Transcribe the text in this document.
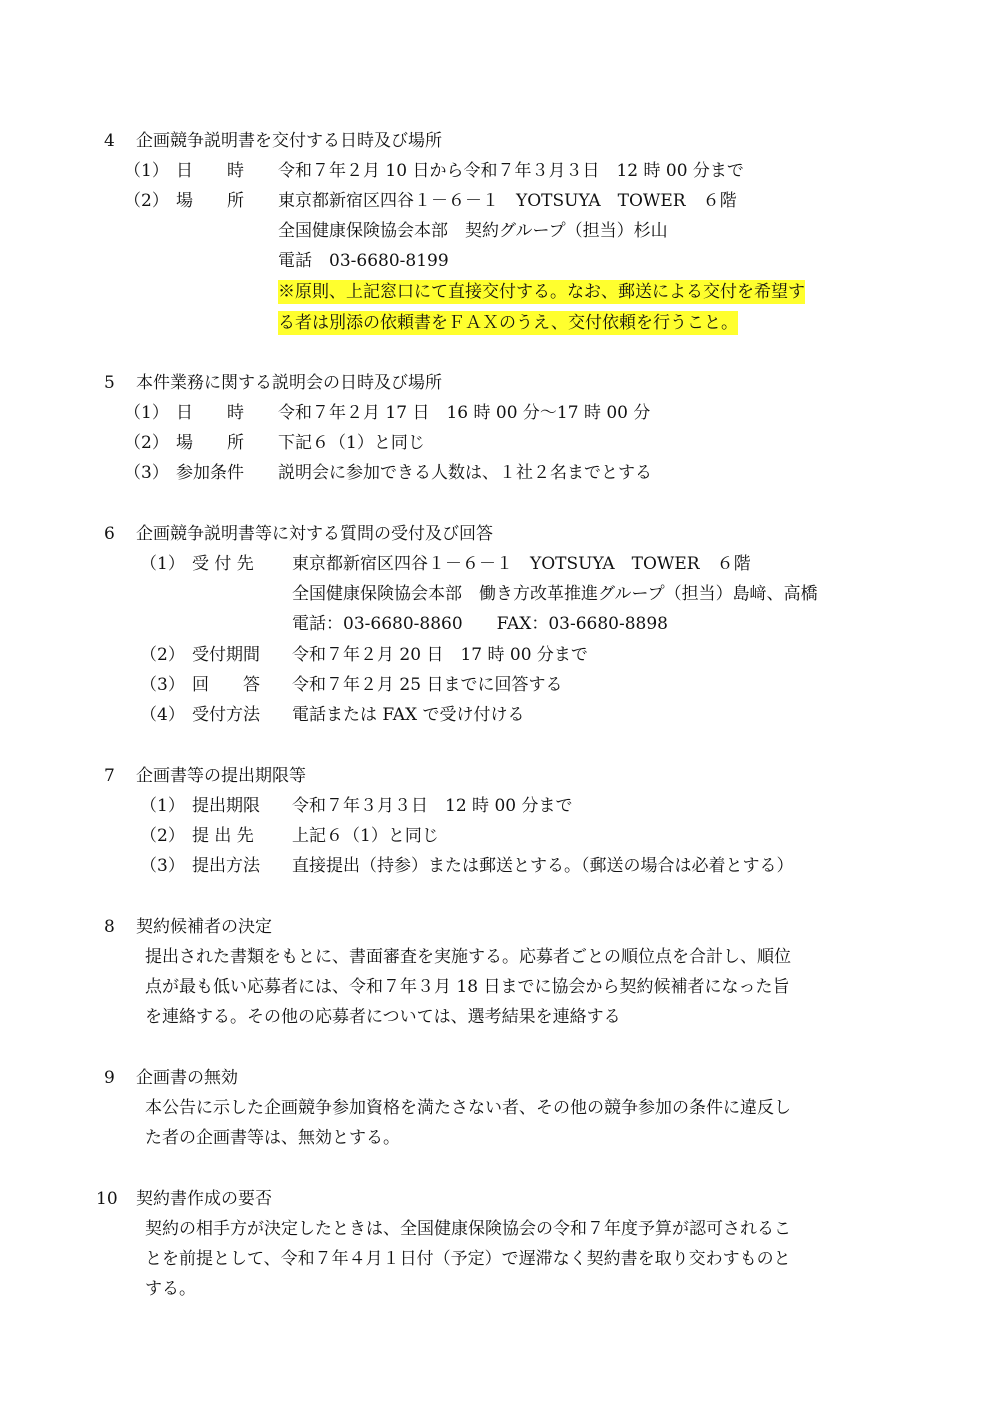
4 企画競争説明書を交付する日時及び場所
（1） 日　　時 令和７年２月 10 日から令和７年３月３日　12 時 00 分まで
（2） 場　　所 東京都新宿区四谷１－６－１　YOTSUYA　TOWER　６階
全国健康保険協会本部　契約グループ（担当）杉山
電話　03-6680-8199
※原則、上記窓口にて直接交付する。なお、郵送による交付を希望す
る者は別添の依頼書をＦＡＸのうえ、交付依頼を行うこと。
5 本件業務に関する説明会の日時及び場所
（1） 日　　時 令和７年２月 17 日　16 時 00 分～17 時 00 分
（2） 場　　所 下記６（1）と同じ
（3） 参加条件 説明会に参加できる人数は、１社２名までとする
6 企画競争説明書等に対する質問の受付及び回答
（1） 受 付 先 東京都新宿区四谷１－６－１　YOTSUYA　TOWER　６階
全国健康保険協会本部　働き方改革推進グループ（担当）島﨑、高橋
電話：03-6680-8860　　FAX：03-6680-8898
（2） 受付期間 令和７年２月 20 日　17 時 00 分まで
（3） 回　　答 令和７年２月 25 日までに回答する
（4） 受付方法 電話または FAX で受け付ける
7 企画書等の提出期限等
（1） 提出期限 令和７年３月３日　12 時 00 分まで
（2） 提 出 先 上記６（1）と同じ
（3） 提出方法 直接提出（持参）または郵送とする。（郵送の場合は必着とする）
8 契約候補者の決定
提出された書類をもとに、書面審査を実施する。応募者ごとの順位点を合計し、順位
点が最も低い応募者には、令和７年３月 18 日までに協会から契約候補者になった旨
を連絡する。その他の応募者については、選考結果を連絡する
9 企画書の無効
本公告に示した企画競争参加資格を満たさない者、その他の競争参加の条件に違反し
た者の企画書等は、無効とする。
10 契約書作成の要否
契約の相手方が決定したときは、全国健康保険協会の令和７年度予算が認可されるこ
とを前提として、令和７年４月１日付（予定）で遅滞なく契約書を取り交わすものと
する。
